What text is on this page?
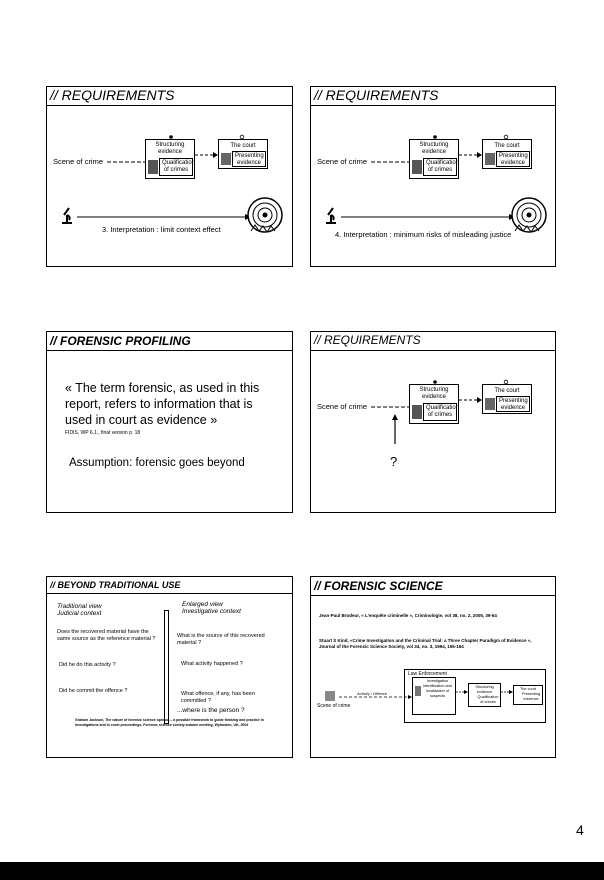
// REQUIREMENTS
Scene of crime
Structuring evidence
Qualification of crimes
The court
Presenting evidence
3. Interpretation : limit context effect
// REQUIREMENTS
Scene of crime
Structuring evidence
Qualification of crimes
The court
Presenting evidence
4. Interpretation : minimum risks of misleading justice
// FORENSIC PROFILING
« The term forensic, as used in this report, refers to information that is used in court as evidence »
FIDIS, WP 6.1., final version p. 18
Assumption: forensic goes beyond
// REQUIREMENTS
Scene of crime
Structuring evidence
Qualification of crimes
The court
Presenting evidence
?
// BEYOND TRADITIONAL USE
Traditional view
Judicial context
Enlarged view
Investigative context
Does the recovered material have the same source as the reference material ?
Did he do this activity ?
Did he commit the offence ?
What is the source of this recovered material ?
What activity happened ?
What offence, if any, has been committed ?
...where is the person ?
Graham Jackson, The nature of forensic science opinion – a possible framework to guide thinking and practice in investigations and in court proceedings, Forensic science society autumn meeting, Wyboston, UK, 2004
// FORENSIC SCIENCE
Jean-Paul Brodeur, « L'enquête criminelle », Criminologie, vol 38, no. 2, 2005, 39-64
Stuart S Kind, «Crime Investigation and the Criminal Trial: a Three Chapter Paradigm of Evidence », Journal of the Forensic Science Society, vol 34, no. 3, 1994, 155-164
Law Enforcement
Investigation Identification and localisation of suspects
Structuring evidence
Qualification of crimes
The court
Presenting evidence
Activity / Offence
Scene of crime
4
